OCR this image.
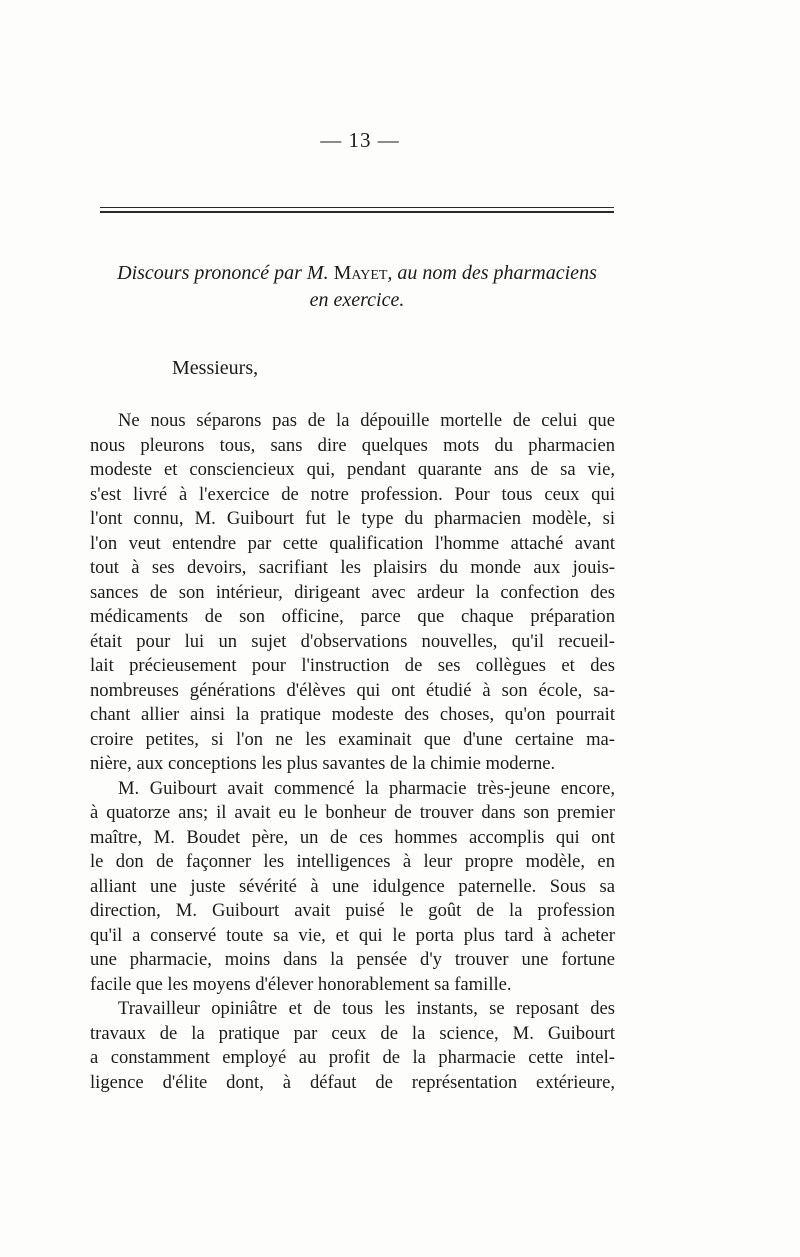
— 13 —
Discours prononcé par M. Mayet, au nom des pharmaciens
en exercice.
Messieurs,
Ne nous séparons pas de la dépouille mortelle de celui que
nous pleurons tous, sans dire quelques mots du pharmacien
modeste et consciencieux qui, pendant quarante ans de sa vie,
s'est livré à l'exercice de notre profession. Pour tous ceux qui
l'ont connu, M. Guibourt fut le type du pharmacien modèle, si
l'on veut entendre par cette qualification l'homme attaché avant
tout à ses devoirs, sacrifiant les plaisirs du monde aux jouis-
sances de son intérieur, dirigeant avec ardeur la confection des
médicaments de son officine, parce que chaque préparation
était pour lui un sujet d'observations nouvelles, qu'il recueil-
lait précieusement pour l'instruction de ses collègues et des
nombreuses générations d'élèves qui ont étudié à son école, sa-
chant allier ainsi la pratique modeste des choses, qu'on pourrait
croire petites, si l'on ne les examinait que d'une certaine ma-
nière, aux conceptions les plus savantes de la chimie moderne.
M. Guibourt avait commencé la pharmacie très-jeune encore,
à quatorze ans; il avait eu le bonheur de trouver dans son premier
maître, M. Boudet père, un de ces hommes accomplis qui ont
le don de façonner les intelligences à leur propre modèle, en
alliant une juste sévérité à une idulgence paternelle. Sous sa
direction, M. Guibourt avait puisé le goût de la profession
qu'il a conservé toute sa vie, et qui le porta plus tard à acheter
une pharmacie, moins dans la pensée d'y trouver une fortune
facile que les moyens d'élever honorablement sa famille.
Travailleur opiniâtre et de tous les instants, se reposant des
travaux de la pratique par ceux de la science, M. Guibourt
a constamment employé au profit de la pharmacie cette intel-
ligence d'élite dont, à défaut de représentation extérieure,
